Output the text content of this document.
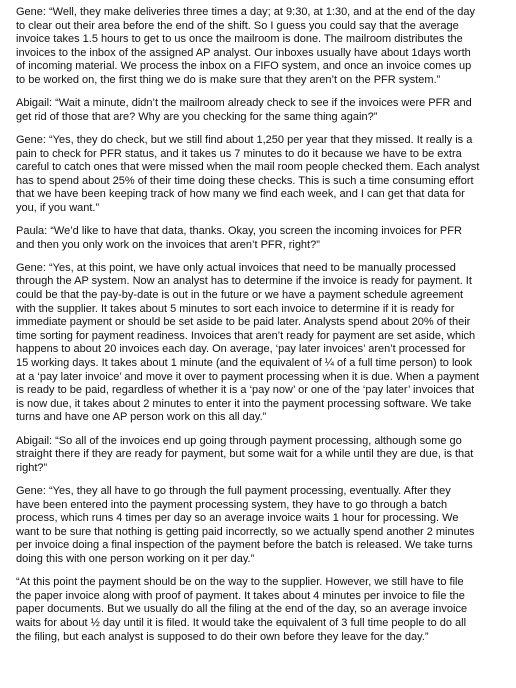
Gene: “Well, they make deliveries three times a day; at 9:30, at 1:30, and at the end of the day
to clear out their area before the end of the shift. So I guess you could say that the average
invoice takes 1.5 hours to get to us once the mailroom is done. The mailroom distributes the
invoices to the inbox of the assigned AP analyst. Our inboxes usually have about 1days worth
of incoming material. We process the inbox on a FIFO system, and once an invoice comes up
to be worked on, the first thing we do is make sure that they aren’t on the PFR system.”

Abigail: “Wait a minute, didn’t the mailroom already check to see if the invoices were PFR and
get rid of those that are? Why are you checking for the same thing again?”

Gene: “Yes, they do check, but we still find about 1,250 per year that they missed. It really is a
pain to check for PFR status, and it takes us 7 minutes to do it because we have to be extra
careful to catch ones that were missed when the mail room people checked them. Each analyst
has to spend about 25% of their time doing these checks. This is such a time consuming effort
that we have been keeping track of how many we find each week, and I can get that data for
you, if you want.”

Paula: “We’d like to have that data, thanks. Okay, you screen the incoming invoices for PFR
and then you only work on the invoices that aren’t PFR, right?”

Gene: “Yes, at this point, we have only actual invoices that need to be manually processed
through the AP system. Now an analyst has to determine if the invoice is ready for payment. It
could be that the pay-by-date is out in the future or we have a payment schedule agreement
with the supplier. It takes about 5 minutes to sort each invoice to determine if it is ready for
immediate payment or should be set aside to be paid later. Analysts spend about 20% of their
time sorting for payment readiness. Invoices that aren’t ready for payment are set aside, which
happens to about 20 invoices each day. On average, ‘pay later invoices’ aren’t processed for
15 working days. It takes about 1 minute (and the equivalent of ¼ of a full time person) to look
at a ‘pay later invoice’ and move it over to payment processing when it is due. When a payment
is ready to be paid, regardless of whether it is a ‘pay now’ or one of the ‘pay later’ invoices that
is now due, it takes about 2 minutes to enter it into the payment processing software. We take
turns and have one AP person work on this all day.”

Abigail: “So all of the invoices end up going through payment processing, although some go
straight there if they are ready for payment, but some wait for a while until they are due, is that
right?”

Gene: “Yes, they all have to go through the full payment processing, eventually. After they
have been entered into the payment processing system, they have to go through a batch
process, which runs 4 times per day so an average invoice waits 1 hour for processing. We
want to be sure that nothing is getting paid incorrectly, so we actually spend another 2 minutes
per invoice doing a final inspection of the payment before the batch is released. We take turns
doing this with one person working on it per day.”

“At this point the payment should be on the way to the supplier. However, we still have to file
the paper invoice along with proof of payment. It takes about 4 minutes per invoice to file the
paper documents. But we usually do all the filing at the end of the day, so an average invoice
waits for about ½ day until it is filed. It would take the equivalent of 3 full time people to do all
the filing, but each analyst is supposed to do their own before they leave for the day.”
